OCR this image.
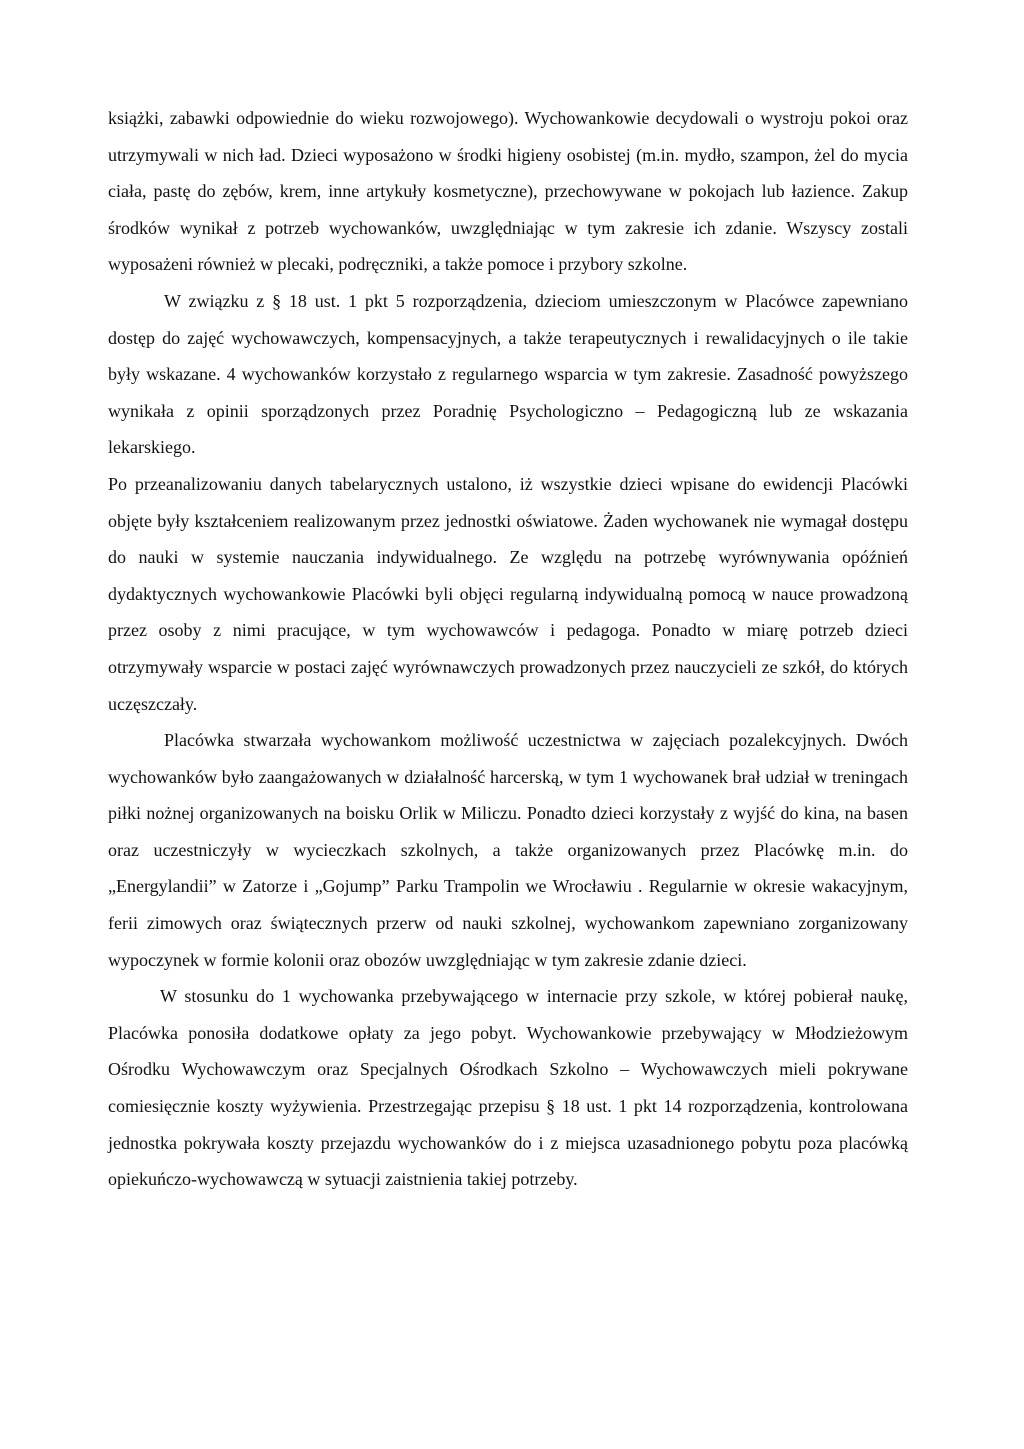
książki, zabawki odpowiednie do wieku rozwojowego). Wychowankowie decydowali o wystroju pokoi oraz utrzymywali w nich ład. Dzieci wyposażono w środki higieny osobistej (m.in. mydło, szampon, żel do mycia ciała, pastę do zębów, krem, inne artykuły kosmetyczne), przechowywane w pokojach lub łazience. Zakup środków wynikał z potrzeb wychowanków, uwzględniając w tym zakresie ich zdanie. Wszyscy zostali wyposażeni również w plecaki, podręczniki, a także pomoce i przybory szkolne.

W związku z § 18 ust. 1 pkt 5 rozporządzenia, dzieciom umieszczonym w Placówce zapewniano dostęp do zajęć wychowawczych, kompensacyjnych, a także terapeutycznych i rewalidacyjnych o ile takie były wskazane. 4 wychowanków korzystało z regularnego wsparcia w tym zakresie. Zasadność powyższego wynikała z opinii sporządzonych przez Poradnię Psychologiczno – Pedagogiczną lub ze wskazania lekarskiego.

Po przeanalizowaniu danych tabelarycznych ustalono, iż wszystkie dzieci wpisane do ewidencji Placówki objęte były kształceniem realizowanym przez jednostki oświatowe. Żaden wychowanek nie wymagał dostępu do nauki w systemie nauczania indywidualnego. Ze względu na potrzebę wyrównywania opóźnień dydaktycznych wychowankowie Placówki byli objęci regularną indywidualną pomocą w nauce prowadzoną przez osoby z nimi pracujące, w tym wychowawców i pedagoga. Ponadto w miarę potrzeb dzieci otrzymywały wsparcie w postaci zajęć wyrównawczych prowadzonych przez nauczycieli ze szkół, do których uczęszczały.

Placówka stwarzała wychowankom możliwość uczestnictwa w zajęciach pozalekcyjnych. Dwóch wychowanków było zaangażowanych w działalność harcerską, w tym 1 wychowanek brał udział w treningach piłki nożnej organizowanych na boisku Orlik w Miliczu. Ponadto dzieci korzystały z wyjść do kina, na basen oraz uczestniczyły w wycieczkach szkolnych, a także organizowanych przez Placówkę m.in. do „Energylandii” w Zatorze i „Gojump” Parku Trampolin we Wrocławiu . Regularnie w okresie wakacyjnym, ferii zimowych oraz świątecznych przerw od nauki szkolnej, wychowankom zapewniano zorganizowany wypoczynek w formie kolonii oraz obozów uwzględniając w tym zakresie zdanie dzieci.

W stosunku do 1 wychowanka przebywającego w internacie przy szkole, w której pobierał naukę, Placówka ponosiła dodatkowe opłaty za jego pobyt. Wychowankowie przebywający w Młodzieżowym Ośrodku Wychowawczym oraz Specjalnych Ośrodkach Szkolno – Wychowawczych mieli pokrywane comiesięcznie koszty wyżywienia. Przestrzegając przepisu § 18 ust. 1 pkt 14 rozporządzenia, kontrolowana jednostka pokrywała koszty przejazdu wychowanków do i z miejsca uzasadnionego pobytu poza placówką opiekuńczo-wychowawczą w sytuacji zaistnienia takiej potrzeby.
